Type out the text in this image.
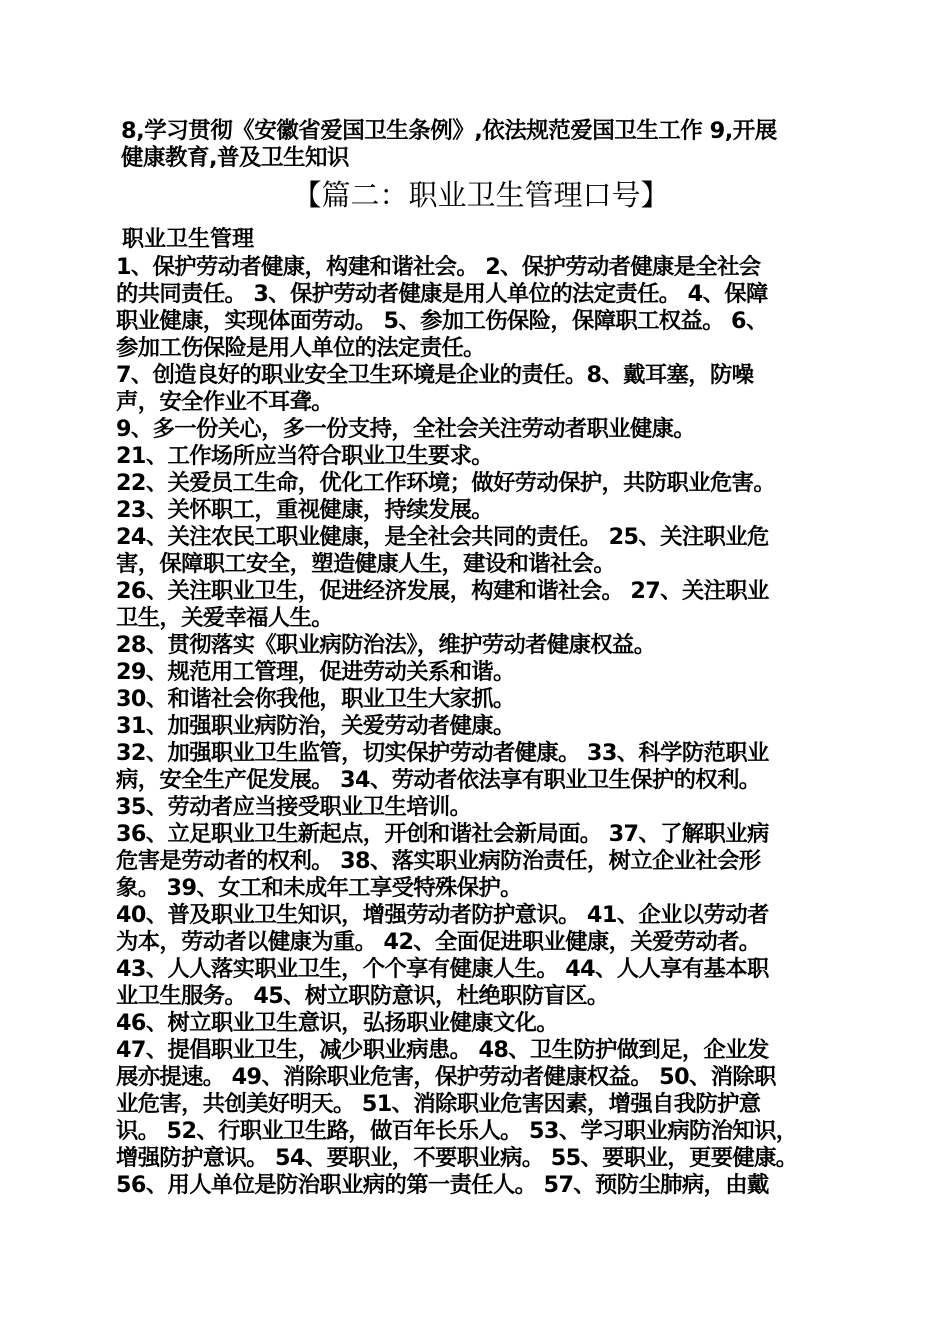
8,学习贯彻《安徽省爱国卫生条例》,依法规范爱国卫生工作 9,开展
健康教育,普及卫生知识
【篇二：职业卫生管理口号】
职业卫生管理
1、保护劳动者健康，构建和谐社会。 2、保护劳动者健康是全社会
的共同责任。 3、保护劳动者健康是用人单位的法定责任。 4、保障
职业健康，实现体面劳动。 5、参加工伤保险，保障职工权益。 6、
参加工伤保险是用人单位的法定责任。
7、创造良好的职业安全卫生环境是企业的责任。8、戴耳塞，防噪
声，安全作业不耳聋。
9、多一份关心，多一份支持，全社会关注劳动者职业健康。
21、工作场所应当符合职业卫生要求。
22、关爱员工生命，优化工作环境；做好劳动保护，共防职业危害。
23、关怀职工，重视健康，持续发展。
24、关注农民工职业健康，是全社会共同的责任。 25、关注职业危
害，保障职工安全，塑造健康人生，建设和谐社会。
26、关注职业卫生，促进经济发展，构建和谐社会。 27、关注职业
卫生，关爱幸福人生。
28、贯彻落实《职业病防治法》，维护劳动者健康权益。
29、规范用工管理，促进劳动关系和谐。
30、和谐社会你我他，职业卫生大家抓。
31、加强职业病防治，关爱劳动者健康。
32、加强职业卫生监管，切实保护劳动者健康。 33、科学防范职业
病，安全生产促发展。 34、劳动者依法享有职业卫生保护的权利。
35、劳动者应当接受职业卫生培训。
36、立足职业卫生新起点，开创和谐社会新局面。 37、了解职业病
危害是劳动者的权利。 38、落实职业病防治责任，树立企业社会形
象。 39、女工和未成年工享受特殊保护。
40、普及职业卫生知识，增强劳动者防护意识。 41、企业以劳动者
为本，劳动者以健康为重。 42、全面促进职业健康，关爱劳动者。
43、人人落实职业卫生，个个享有健康人生。 44、人人享有基本职
业卫生服务。 45、树立职防意识，杜绝职防盲区。
46、树立职业卫生意识，弘扬职业健康文化。
47、提倡职业卫生，减少职业病患。 48、卫生防护做到足，企业发
展亦提速。 49、消除职业危害，保护劳动者健康权益。 50、消除职
业危害，共创美好明天。 51、消除职业危害因素，增强自我防护意
识。 52、行职业卫生路，做百年长乐人。 53、学习职业病防治知识，
增强防护意识。 54、要职业，不要职业病。 55、要职业，更要健康。
56、用人单位是防治职业病的第一责任人。 57、预防尘肺病，由戴
